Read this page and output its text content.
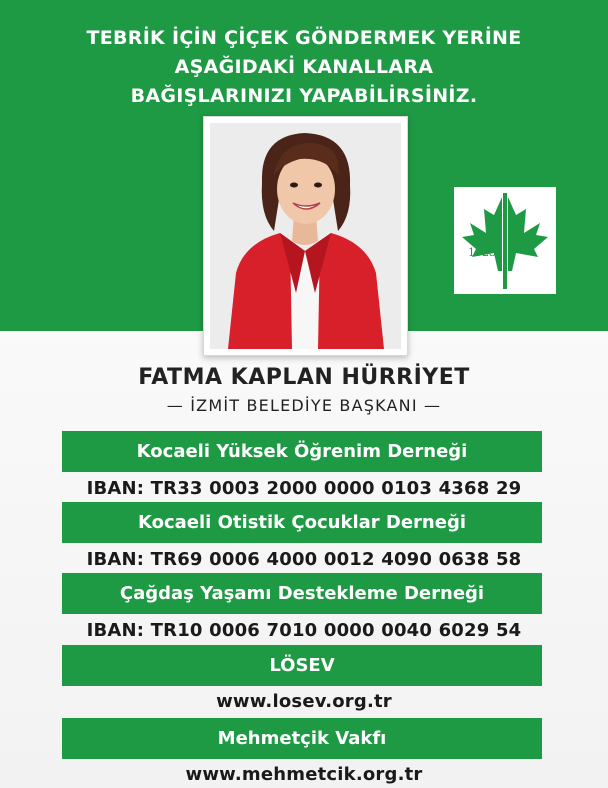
TEBRİK İÇİN ÇİÇEK GÖNDERMEK YERİNE
AŞAĞIDAKİ KANALLARA
BAĞIŞLARINIZI YAPABİLİRSİNİZ.
1923
FATMA KAPLAN HÜRRİYET
— İZMİT BELEDİYE BAŞKANI —
Kocaeli Yüksek Öğrenim Derneği
IBAN: TR33 0003 2000 0000 0103 4368 29
Kocaeli Otistik Çocuklar Derneği
IBAN: TR69 0006 4000 0012 4090 0638 58
Çağdaş Yaşamı Destekleme Derneği
IBAN: TR10 0006 7010 0000 0040 6029 54
LÖSEV
www.losev.org.tr
Mehmetçik Vakfı
www.mehmetcik.org.tr
